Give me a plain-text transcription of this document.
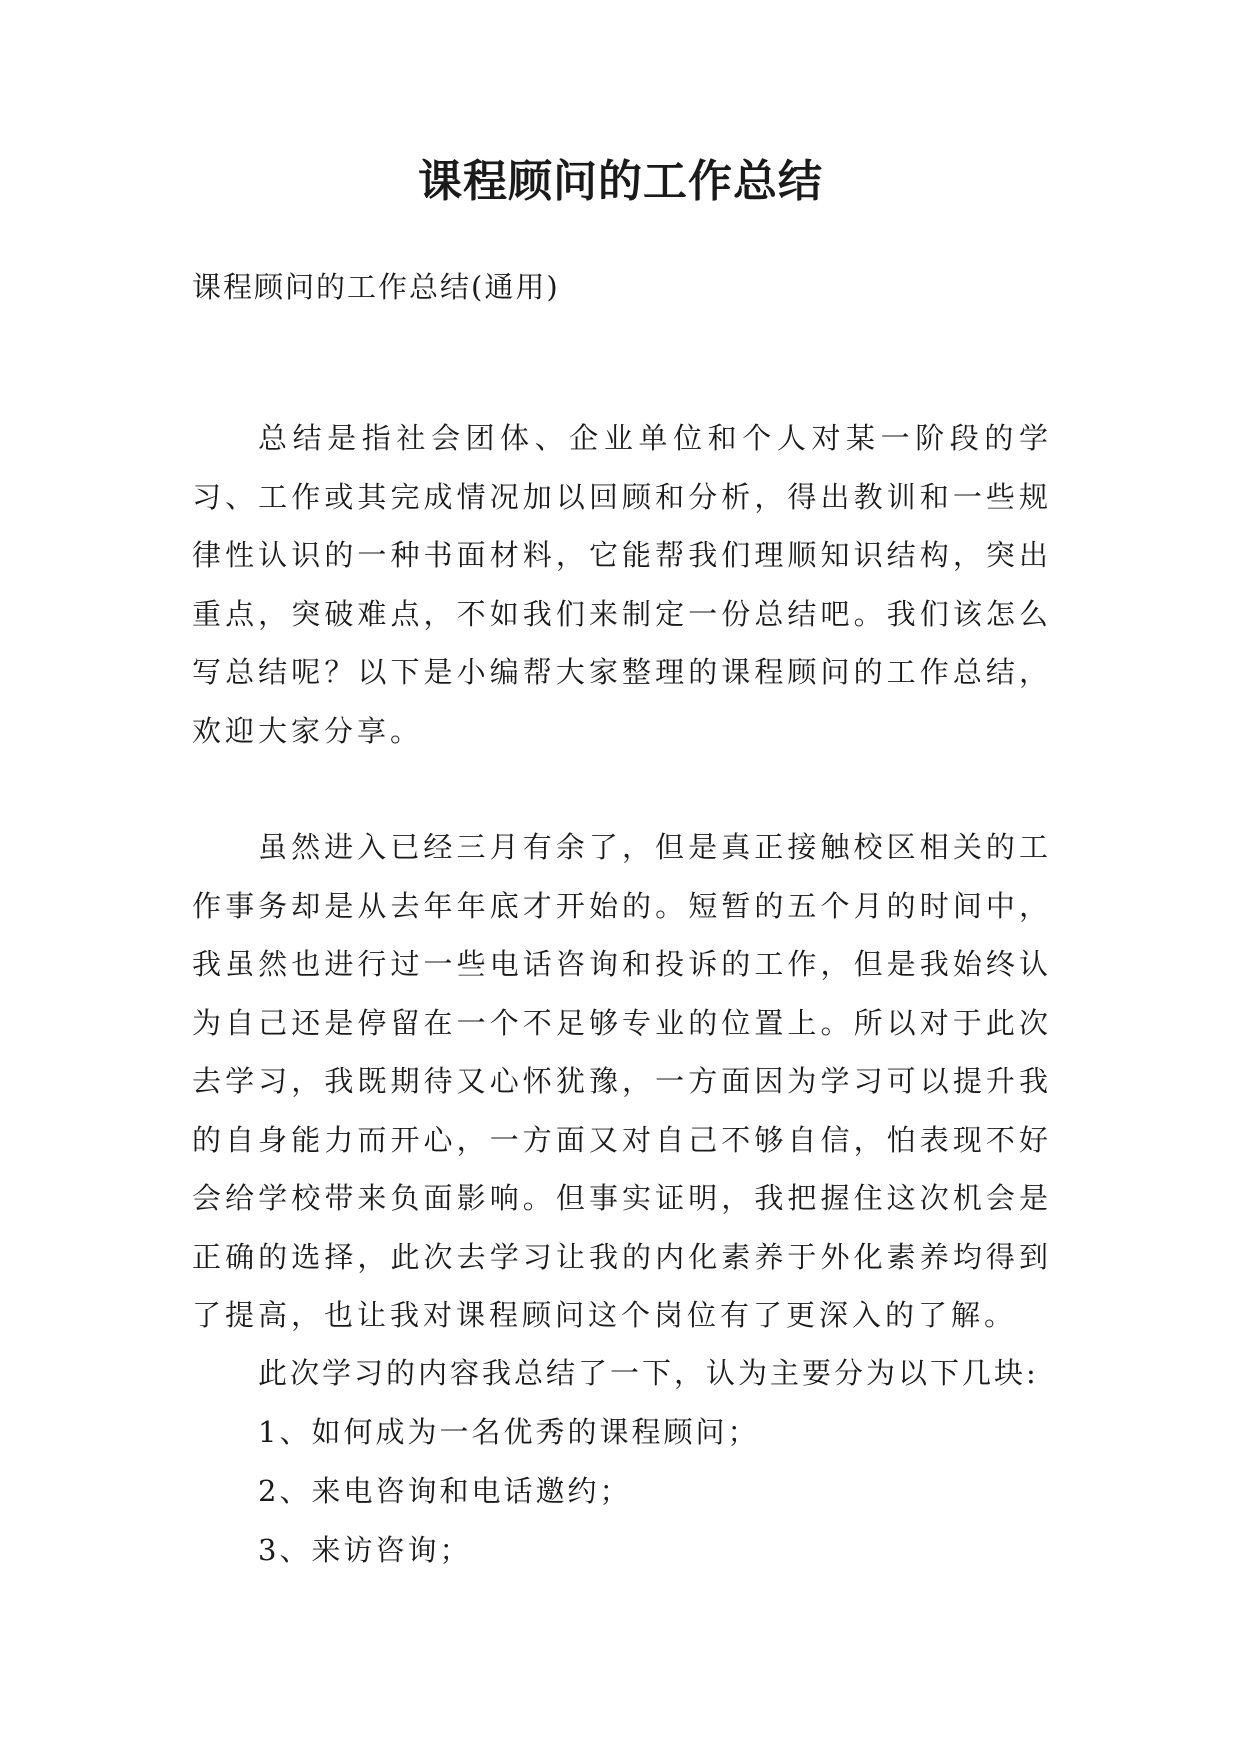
课程顾问的工作总结
课程顾问的工作总结(通用)

总结是指社会团体、企业单位和个人对某一阶段的学习、工作或其完成情况加以回顾和分析，得出教训和一些规律性认识的一种书面材料，它能帮我们理顺知识结构，突出重点，突破难点，不如我们来制定一份总结吧。我们该怎么写总结呢？以下是小编帮大家整理的课程顾问的工作总结，欢迎大家分享。

虽然进入已经三月有余了，但是真正接触校区相关的工作事务却是从去年年底才开始的。短暂的五个月的时间中，我虽然也进行过一些电话咨询和投诉的工作，但是我始终认为自己还是停留在一个不足够专业的位置上。所以对于此次去学习，我既期待又心怀犹豫，一方面因为学习可以提升我的自身能力而开心，一方面又对自己不够自信，怕表现不好会给学校带来负面影响。但事实证明，我把握住这次机会是正确的选择，此次去学习让我的内化素养于外化素养均得到了提高，也让我对课程顾问这个岗位有了更深入的了解。

此次学习的内容我总结了一下，认为主要分为以下几块:
1、如何成为一名优秀的课程顾问；
2、来电咨询和电话邀约；
3、来访咨询；
